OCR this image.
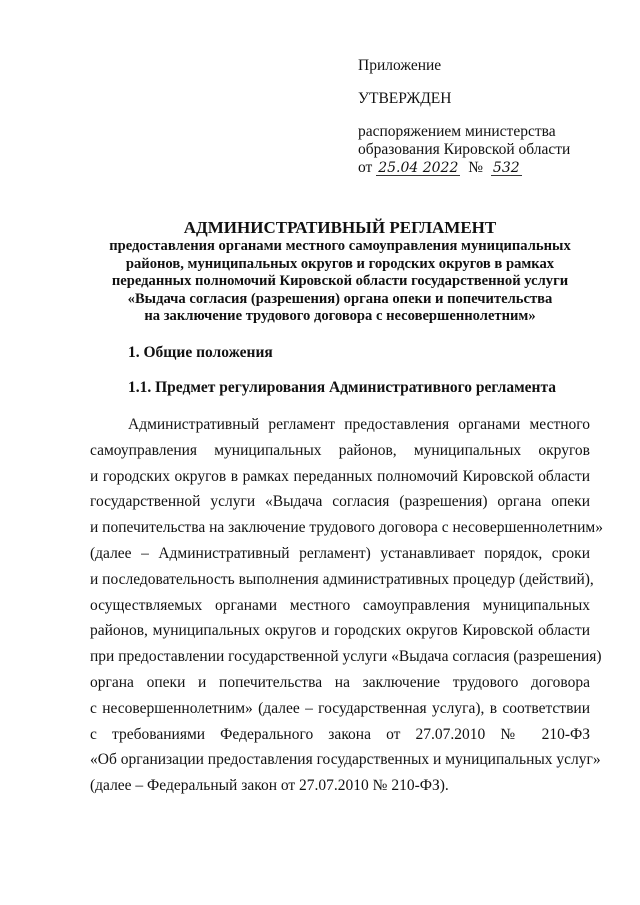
Приложение
УТВЕРЖДЕН
распоряжением министерства
образования Кировской области
от 25.04 2022 № 532
АДМИНИСТРАТИВНЫЙ РЕГЛАМЕНТ
предоставления органами местного самоуправления муниципальных
районов, муниципальных округов и городских округов в рамках
переданных полномочий Кировской области государственной услуги
«Выдача согласия (разрешения) органа опеки и попечительства
на заключение трудового договора с несовершеннолетним»
1. Общие положения
1.1. Предмет регулирования Административного регламента
Административный регламент предоставления органами местного
самоуправления муниципальных районов, муниципальных округов
и городских округов в рамках переданных полномочий Кировской области
государственной услуги «Выдача согласия (разрешения) органа опеки
и попечительства на заключение трудового договора с несовершеннолетним»
(далее – Административный регламент) устанавливает порядок, сроки
и последовательность выполнения административных процедур (действий),
осуществляемых органами местного самоуправления муниципальных
районов, муниципальных округов и городских округов Кировской области
при предоставлении государственной услуги «Выдача согласия (разрешения)
органа опеки и попечительства на заключение трудового договора
с несовершеннолетним» (далее – государственная услуга), в соответствии
с требованиями Федерального закона от 27.07.2010 № 210-ФЗ
«Об организации предоставления государственных и муниципальных услуг»
(далее – Федеральный закон от 27.07.2010 № 210-ФЗ).
